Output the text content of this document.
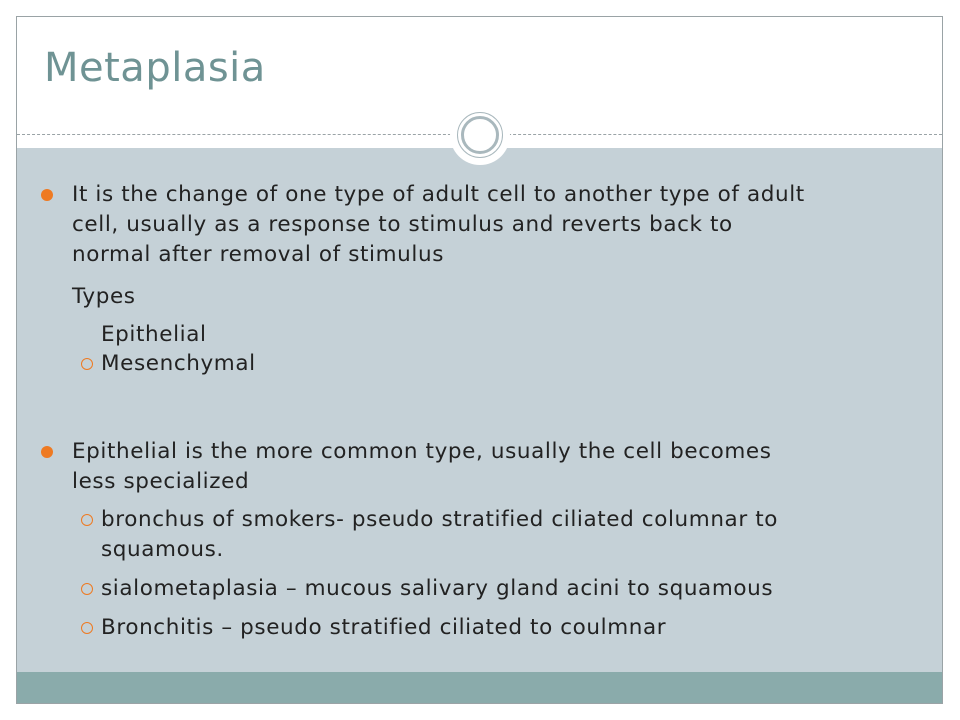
Metaplasia
It is the change of one type of adult cell to another type of adult
cell, usually as a response to stimulus and reverts back to
normal after removal of stimulus
Types
Epithelial
Mesenchymal
Epithelial is the more common type, usually the cell becomes
less specialized
bronchus of smokers- pseudo stratified ciliated columnar to
squamous.
sialometaplasia – mucous salivary gland acini to squamous
Bronchitis – pseudo stratified ciliated to coulmnar
